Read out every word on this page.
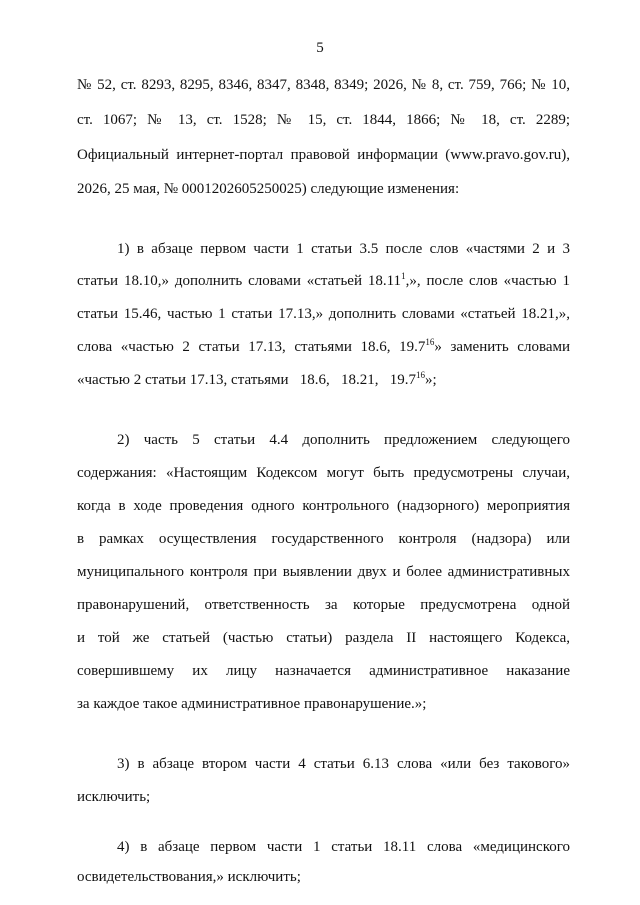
5
№ 52, ст. 8293, 8295, 8346, 8347, 8348, 8349; 2026, № 8, ст. 759, 766; № 10,
ст. 1067; № 13, ст. 1528; № 15, ст. 1844, 1866; № 18, ст. 2289;
Официальный интернет-портал правовой информации (www.pravo.gov.ru),
2026, 25 мая, № 0001202605250025) следующие изменения:
1) в абзаце первом части 1 статьи 3.5 после слов «частями 2 и 3
статьи 18.10,» дополнить словами «статьей 18.11$^1$,», после слов «частью 1
статьи 15.46, частью 1 статьи 17.13,» дополнить словами «статьей 18.21,»,
слова «частью 2 статьи 17.13, статьями 18.6, 19.7$^{16}$» заменить словами
«частью 2 статьи 17.13, статьями   18.6,   18.21,   19.7$^{16}$»;
2) часть 5 статьи 4.4 дополнить предложением следующего
содержания: «Настоящим Кодексом могут быть предусмотрены случаи,
когда в ходе проведения одного контрольного (надзорного) мероприятия
в рамках осуществления государственного контроля (надзора) или
муниципального контроля при выявлении двух и более административных
правонарушений, ответственность за которые предусмотрена одной
и той же статьей (частью статьи) раздела II настоящего Кодекса,
совершившему их лицу назначается административное наказание
за каждое такое административное правонарушение.»;
3) в абзаце втором части 4 статьи 6.13 слова «или без такового»
исключить;
4) в абзаце первом части 1 статьи 18.11 слова «медицинского
освидетельствования,» исключить;
